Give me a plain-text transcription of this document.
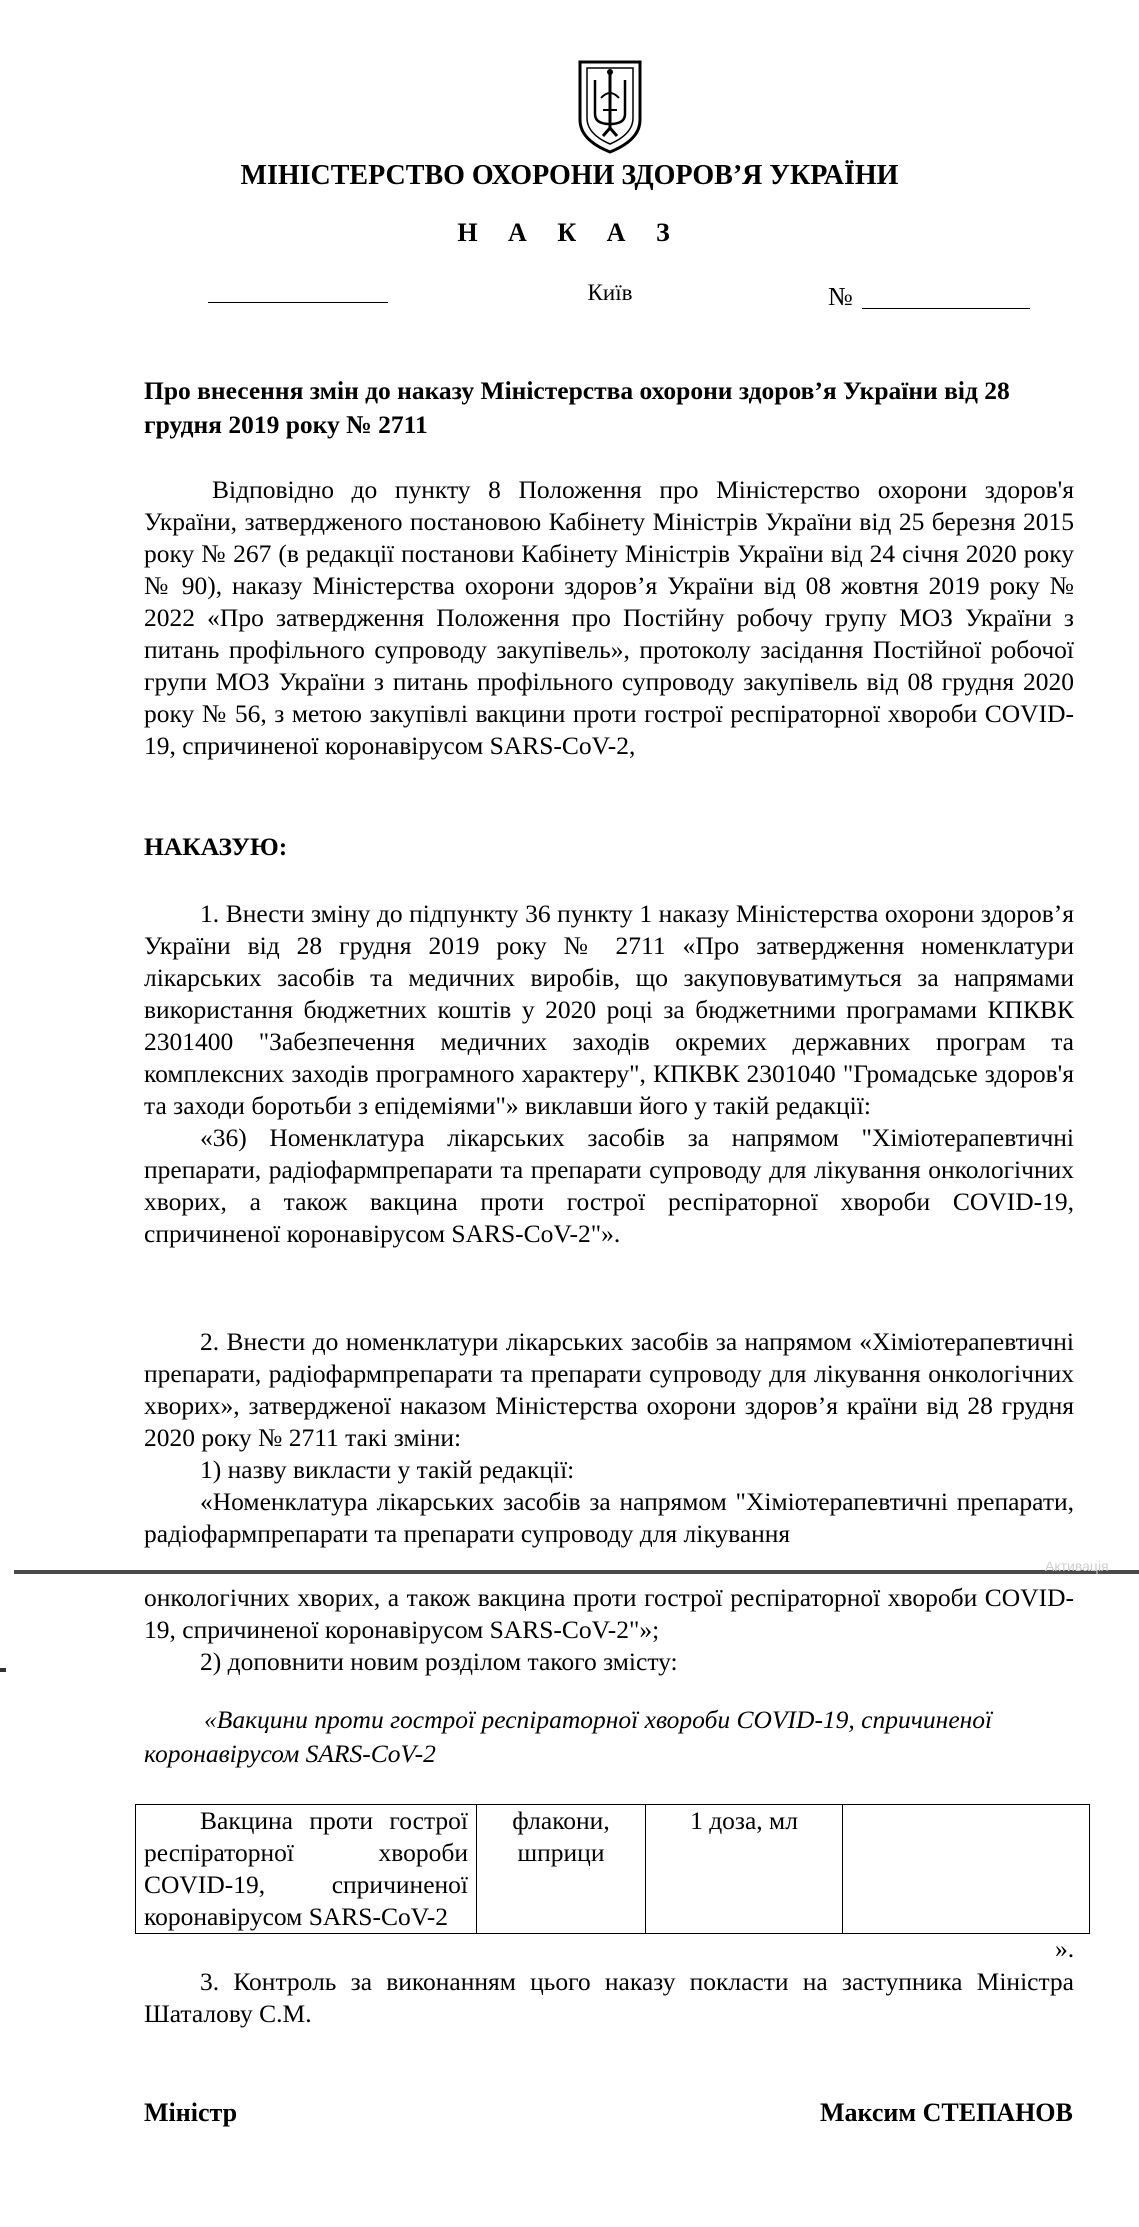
МІНІСТЕРСТВО ОХОРОНИ ЗДОРОВ’Я УКРАЇНИ
Н А К А З
Київ	№
Про внесення змін до наказу Міністерства охорони здоров’я України від 28 грудня 2019 року № 2711

Відповідно до пункту 8 Положення про Міністерство охорони здоров'я України, затвердженого постановою Кабінету Міністрів України від 25 березня 2015 року № 267 (в редакції постанови Кабінету Міністрів України від 24 січня 2020 року № 90), наказу Міністерства охорони здоров’я України від 08 жовтня 2019 року № 2022 «Про затвердження Положення про Постійну робочу групу МОЗ України з питань профільного супроводу закупівель», протоколу засідання Постійної робочої групи МОЗ України з питань профільного супроводу закупівель від 08 грудня 2020 року № 56, з метою закупівлі вакцини проти гострої респіраторної хвороби COVID-19, спричиненої коронавірусом SARS-CoV-2,

НАКАЗУЮ:

1. Внести зміну до підпункту 36 пункту 1 наказу Міністерства охорони здоров’я України від 28 грудня 2019 року № 2711 «Про затвердження номенклатури лікарських засобів та медичних виробів, що закуповуватимуться за напрямами використання бюджетних коштів у 2020 році за бюджетними програмами КПКВК 2301400 "Забезпечення медичних заходів окремих державних програм та комплексних заходів програмного характеру", КПКВК 2301040 "Громадське здоров'я та заходи боротьби з епідеміями"» виклавши його у такій редакції:

«36) Номенклатура лікарських засобів за напрямом "Хіміотерапевтичні препарати, радіофармпрепарати та препарати супроводу для лікування онкологічних хворих, а також вакцина проти гострої респіраторної хвороби COVID-19, спричиненої коронавірусом SARS-CoV-2"».

2. Внести до номенклатури лікарських засобів за напрямом «Хіміотерапевтичні препарати, радіофармпрепарати та препарати супроводу для лікування онкологічних хворих», затвердженої наказом Міністерства охорони здоров’я країни від 28 грудня 2020 року № 2711 такі зміни:

1) назву викласти у такій редакції:

«Номенклатура лікарських засобів за напрямом "Хіміотерапевтичні препарати, радіофармпрепарати та препарати супроводу для лікування

Активація

онкологічних хворих, а також вакцина проти гострої респіраторної хвороби COVID-19, спричиненої коронавірусом SARS-CoV-2"»;

2) доповнити новим розділом такого змісту:

«Вакцини проти гострої респіраторної хвороби COVID-19, спричиненої коронавірусом SARS-CoV-2
Вакцина проти гострої респіраторної хвороби COVID-19, спричиненої коронавірусом SARS-CoV-2	флакони, шприци	1 доза, мл	
».

3. Контроль за виконанням цього наказу покласти на заступника Міністра Шаталову С.М.

Міністр	Максим СТЕПАНОВ
